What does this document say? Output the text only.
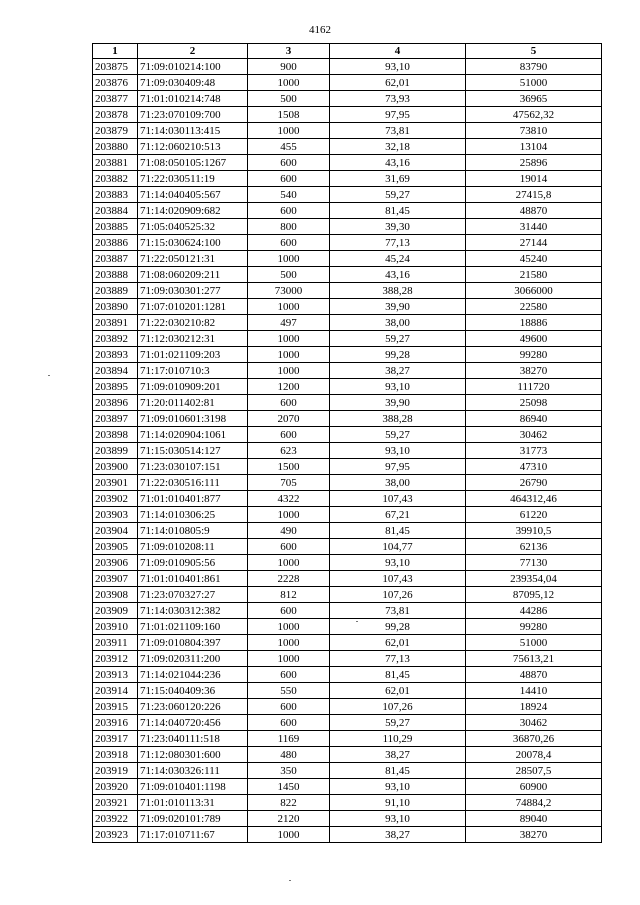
4162
1	2	3	4	5
203875	71:09:010214:100	900	93,10	83790
203876	71:09:030409:48	1000	62,01	51000
203877	71:01:010214:748	500	73,93	36965
203878	71:23:070109:700	1508	97,95	47562,32
203879	71:14:030113:415	1000	73,81	73810
203880	71:12:060210:513	455	32,18	13104
203881	71:08:050105:1267	600	43,16	25896
203882	71:22:030511:19	600	31,69	19014
203883	71:14:040405:567	540	59,27	27415,8
203884	71:14:020909:682	600	81,45	48870
203885	71:05:040525:32	800	39,30	31440
203886	71:15:030624:100	600	77,13	27144
203887	71:22:050121:31	1000	45,24	45240
203888	71:08:060209:211	500	43,16	21580
203889	71:09:030301:277	73000	388,28	3066000
203890	71:07:010201:1281	1000	39,90	22580
203891	71:22:030210:82	497	38,00	18886
203892	71:12:030212:31	1000	59,27	49600
203893	71:01:021109:203	1000	99,28	99280
203894	71:17:010710:3	1000	38,27	38270
203895	71:09:010909:201	1200	93,10	111720
203896	71:20:011402:81	600	39,90	25098
203897	71:09:010601:3198	2070	388,28	86940
203898	71:14:020904:1061	600	59,27	30462
203899	71:15:030514:127	623	93,10	31773
203900	71:23:030107:151	1500	97,95	47310
203901	71:22:030516:111	705	38,00	26790
203902	71:01:010401:877	4322	107,43	464312,46
203903	71:14:010306:25	1000	67,21	61220
203904	71:14:010805:9	490	81,45	39910,5
203905	71:09:010208:11	600	104,77	62136
203906	71:09:010905:56	1000	93,10	77130
203907	71:01:010401:861	2228	107,43	239354,04
203908	71:23:070327:27	812	107,26	87095,12
203909	71:14:030312:382	600	73,81	44286
203910	71:01:021109:160	1000	99,28	99280
203911	71:09:010804:397	1000	62,01	51000
203912	71:09:020311:200	1000	77,13	75613,21
203913	71:14:021044:236	600	81,45	48870
203914	71:15:040409:36	550	62,01	14410
203915	71:23:060120:226	600	107,26	18924
203916	71:14:040720:456	600	59,27	30462
203917	71:23:040111:518	1169	110,29	36870,26
203918	71:12:080301:600	480	38,27	20078,4
203919	71:14:030326:111	350	81,45	28507,5
203920	71:09:010401:1198	1450	93,10	60900
203921	71:01:010113:31	822	91,10	74884,2
203922	71:09:020101:789	2120	93,10	89040
203923	71:17:010711:67	1000	38,27	38270
